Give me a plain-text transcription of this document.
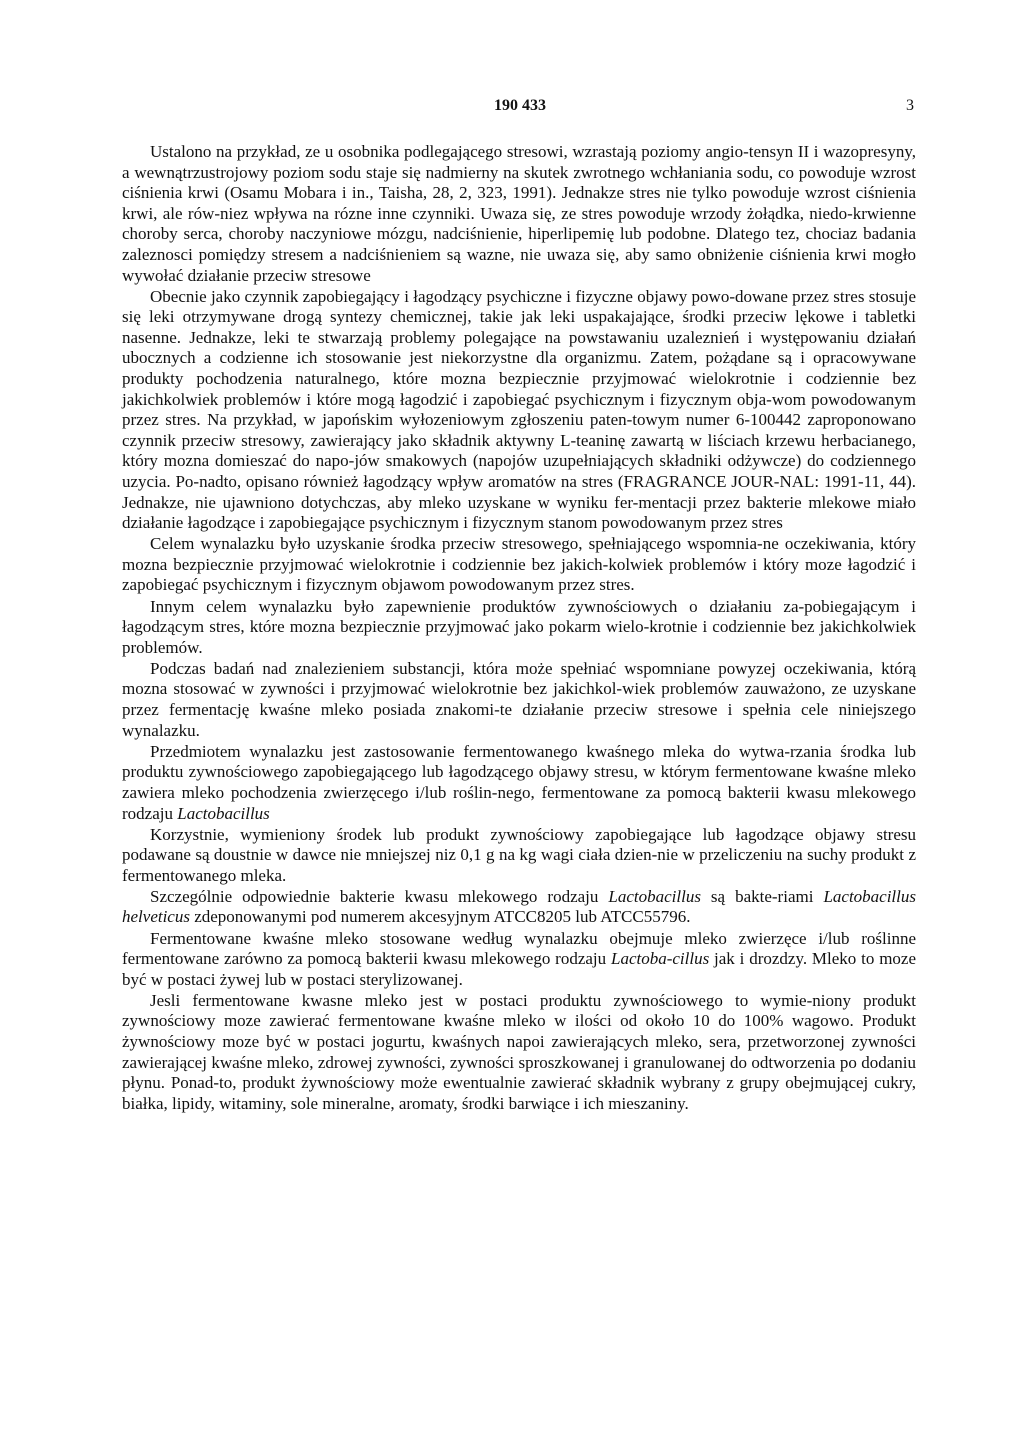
190 433	3

Ustalono na przykład, ze u osobnika podlegającego stresowi, wzrastają poziomy angio-tensyn II i wazopresyny, a wewnątrzustrojowy poziom sodu staje się nadmierny na skutek zwrotnego wchłaniania sodu, co powoduje wzrost ciśnienia krwi (Osamu Mobara i in., Taisha, 28, 2, 323, 1991). Jednakze stres nie tylko powoduje wzrost ciśnienia krwi, ale rów-niez wpływa na rózne inne czynniki. Uwaza się, ze stres powoduje wrzody żołądka, niedo-krwienne choroby serca, choroby naczyniowe mózgu, nadciśnienie, hiperlipemię lub podobne. Dlatego tez, chociaz badania zaleznosci pomiędzy stresem a nadciśnieniem są wazne, nie uwaza się, aby samo obniżenie ciśnienia krwi mogło wywołać działanie przeciw stresowe

Obecnie jako czynnik zapobiegający i łagodzący psychiczne i fizyczne objawy powo-dowane przez stres stosuje się leki otrzymywane drogą syntezy chemicznej, takie jak leki uspakajające, środki przeciw lękowe i tabletki nasenne. Jednakze, leki te stwarzają problemy polegające na powstawaniu uzaleznień i występowaniu działań ubocznych a codzienne ich stosowanie jest niekorzystne dla organizmu. Zatem, pożądane są i opracowywane produkty pochodzenia naturalnego, które mozna bezpiecznie przyjmować wielokrotnie i codziennie bez jakichkolwiek problemów i które mogą łagodzić i zapobiegać psychicznym i fizycznym obja-wom powodowanym przez stres. Na przykład, w japońskim wyłozeniowym zgłoszeniu paten-towym numer 6-100442 zaproponowano czynnik przeciw stresowy, zawierający jako składnik aktywny L-teaninę zawartą w liściach krzewu herbacianego, który mozna domieszać do napo-jów smakowych (napojów uzupełniających składniki odżywcze) do codziennego uzycia. Po-nadto, opisano również łagodzący wpływ aromatów na stres (FRAGRANCE JOUR-NAL: 1991-11, 44). Jednakze, nie ujawniono dotychczas, aby mleko uzyskane w wyniku fer-mentacji przez bakterie mlekowe miało działanie łagodzące i zapobiegające psychicznym i fizycznym stanom powodowanym przez stres

Celem wynalazku było uzyskanie środka przeciw stresowego, spełniającego wspomnia-ne oczekiwania, który mozna bezpiecznie przyjmować wielokrotnie i codziennie bez jakich-kolwiek problemów i który moze łagodzić i zapobiegać psychicznym i fizycznym objawom powodowanym przez stres.

Innym celem wynalazku było zapewnienie produktów zywnościowych o działaniu za-pobiegającym i łagodzącym stres, które mozna bezpiecznie przyjmować jako pokarm wielo-krotnie i codziennie bez jakichkolwiek problemów.

Podczas badań nad znalezieniem substancji, która może spełniać wspomniane powyzej oczekiwania, którą mozna stosować w zywności i przyjmować wielokrotnie bez jakichkol-wiek problemów zauważono, ze uzyskane przez fermentację kwaśne mleko posiada znakomi-te działanie przeciw stresowe i spełnia cele niniejszego wynalazku.

Przedmiotem wynalazku jest zastosowanie fermentowanego kwaśnego mleka do wytwa-rzania środka lub produktu zywnościowego zapobiegającego lub łagodzącego objawy stresu, w którym fermentowane kwaśne mleko zawiera mleko pochodzenia zwierzęcego i/lub roślin-nego, fermentowane za pomocą bakterii kwasu mlekowego rodzaju Lactobacillus

Korzystnie, wymieniony środek lub produkt zywnościowy zapobiegające lub łagodzące objawy stresu podawane są doustnie w dawce nie mniejszej niz 0,1 g na kg wagi ciała dzien-nie w przeliczeniu na suchy produkt z fermentowanego mleka.

Szczególnie odpowiednie bakterie kwasu mlekowego rodzaju Lactobacillus są bakte-riami Lactobacillus helveticus zdeponowanymi pod numerem akcesyjnym ATCC8205 lub ATCC55796.

Fermentowane kwaśne mleko stosowane według wynalazku obejmuje mleko zwierzęce i/lub roślinne fermentowane zarówno za pomocą bakterii kwasu mlekowego rodzaju Lactoba-cillus jak i drozdzy. Mleko to moze być w postaci żywej lub w postaci sterylizowanej.

Jesli fermentowane kwasne mleko jest w postaci produktu zywnościowego to wymie-niony produkt zywnościowy moze zawierać fermentowane kwaśne mleko w ilości od około 10 do 100% wagowo. Produkt żywnościowy moze być w postaci jogurtu, kwaśnych napoi zawierających mleko, sera, przetworzonej zywności zawierającej kwaśne mleko, zdrowej zywności, zywności sproszkowanej i granulowanej do odtworzenia po dodaniu płynu. Ponad-to, produkt żywnościowy może ewentualnie zawierać składnik wybrany z grupy obejmującej cukry, białka, lipidy, witaminy, sole mineralne, aromaty, środki barwiące i ich mieszaniny.
